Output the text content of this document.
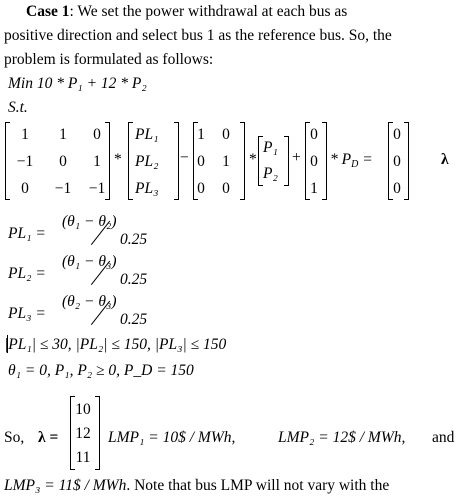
Case 1: We set the power withdrawal at each bus as
positive direction and select bus 1 as the reference bus. So, the
problem is formulated as follows:
Min 10 * P₁ + 12 * P₂
S.t.
1	1	0
−1	0	1
0	−1 −1
PL₁
PL₂
PL₃
*	−
1	0
0	1
0	0
*
P₁
P₂
+
0
0
1
* $P_D$ =
0
0
0
λ
PL₁ =
(θ₁ − θ₂)
0.25
PL₂ =
(θ₁ − θ₃)
0.25
PL₃ =
(θ₂ − θ₃)
0.25
|PL₁| ≤ 30, |PL₂| ≤ 150, |PL₃| ≤ 150
θ₁ = 0, P₁, P₂ ≥ 0, P_D = 150
So, λ =
10
12
11
LMP₁ = 10$ / MWh,	LMP₂ = 12$ / MWh, and
LMP₃ = 11$ / MWh. Note that bus LMP will not vary with the
